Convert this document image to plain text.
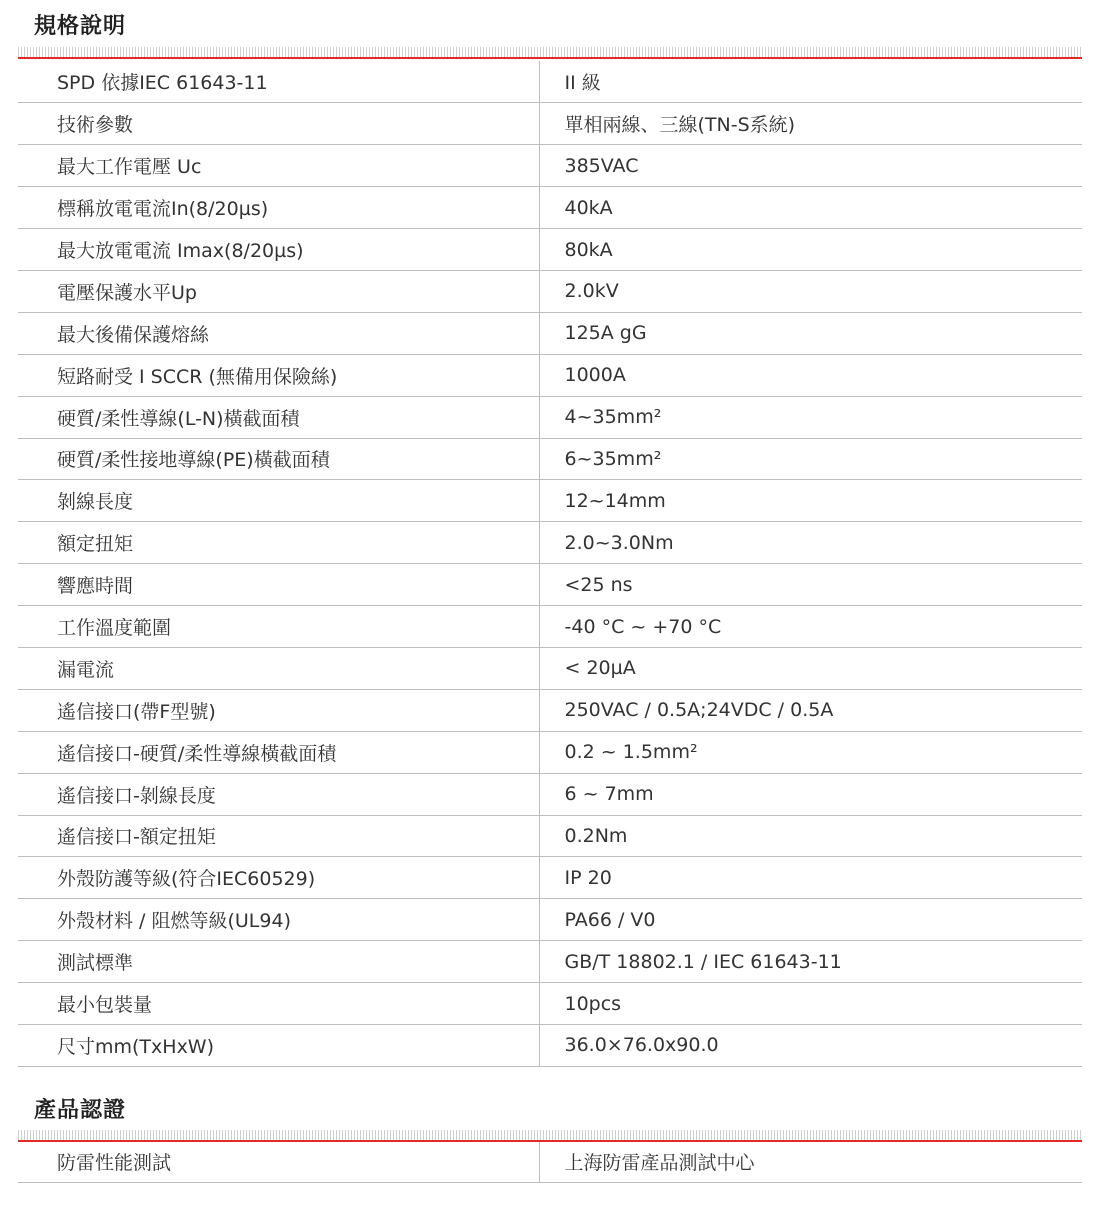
規格說明
SPD 依據IEC 61643-11	II 級
技術參數	單相兩線、三線(TN-S系統)
最大工作電壓 Uc	385VAC
標稱放電電流In(8/20µs)	40kA
最大放電電流 Imax(8/20µs)	80kA
電壓保護水平Up	2.0kV
最大後備保護熔絲	125A gG
短路耐受 I SCCR (無備用保險絲)	1000A
硬質/柔性導線(L-N)橫截面積	4~35mm²
硬質/柔性接地導線(PE)橫截面積	6~35mm²
剝線長度	12~14mm
額定扭矩	2.0~3.0Nm
響應時間	<25 ns
工作溫度範圍	-40 °C ~ +70 °C
漏電流	< 20µA
遙信接口(帶F型號)	250VAC / 0.5A;24VDC / 0.5A
遙信接口-硬質/柔性導線橫截面積	0.2 ~ 1.5mm²
遙信接口-剝線長度	6 ~ 7mm
遙信接口-額定扭矩	0.2Nm
外殼防護等級(符合IEC60529)	IP 20
外殼材料 / 阻燃等級(UL94)	PA66 / V0
測試標準	GB/T 18802.1 / IEC 61643-11
最小包裝量	10pcs
尺寸mm(TxHxW)	36.0×76.0x90.0
產品認證
防雷性能測試	上海防雷產品測試中心
